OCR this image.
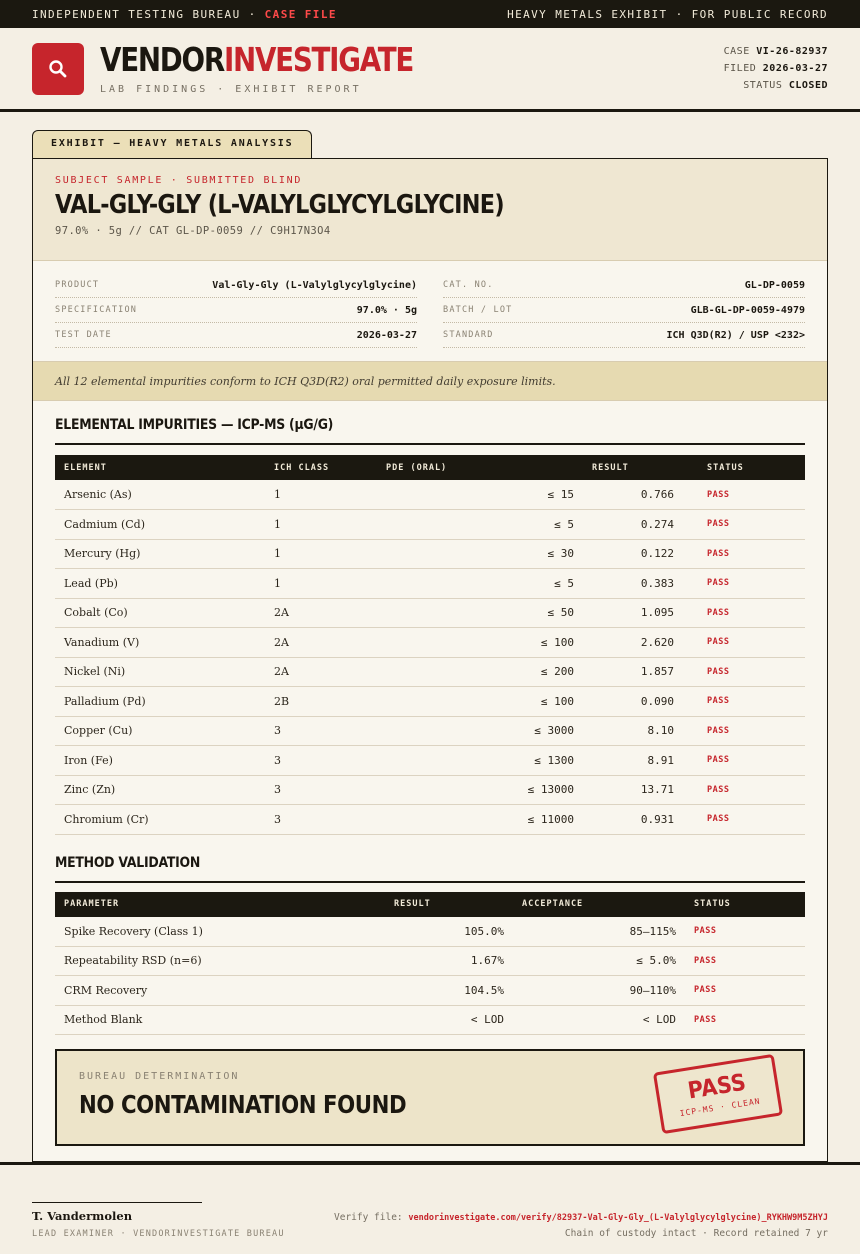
INDEPENDENT TESTING BUREAU · CASE FILE	HEAVY METALS EXHIBIT · FOR PUBLIC RECORD
VENDORINVESTIGATE
LAB FINDINGS · EXHIBIT REPORT
CASE VI-26-82937
FILED 2026-03-27
STATUS CLOSED
EXHIBIT — HEAVY METALS ANALYSIS
SUBJECT SAMPLE · SUBMITTED BLIND
VAL-GLY-GLY (L-VALYLGLYCYLGLYCINE)
97.0% · 5g // CAT GL-DP-0059 // C9H17N3O4
PRODUCT	Val-Gly-Gly (L-Valylglycylglycine)
SPECIFICATION	97.0% · 5g
TEST DATE	2026-03-27
CAT. NO.	GL-DP-0059
BATCH / LOT	GLB-GL-DP-0059-4979
STANDARD	ICH Q3D(R2) / USP <232>
All 12 elemental impurities conform to ICH Q3D(R2) oral permitted daily exposure limits.
ELEMENTAL IMPURITIES — ICP-MS (μG/G)
ELEMENT	ICH CLASS	PDE (ORAL)	RESULT	STATUS
Arsenic (As)	1	≤ 15	0.766	PASS
Cadmium (Cd)	1	≤ 5	0.274	PASS
Mercury (Hg)	1	≤ 30	0.122	PASS
Lead (Pb)	1	≤ 5	0.383	PASS
Cobalt (Co)	2A	≤ 50	1.095	PASS
Vanadium (V)	2A	≤ 100	2.620	PASS
Nickel (Ni)	2A	≤ 200	1.857	PASS
Palladium (Pd)	2B	≤ 100	0.090	PASS
Copper (Cu)	3	≤ 3000	8.10	PASS
Iron (Fe)	3	≤ 1300	8.91	PASS
Zinc (Zn)	3	≤ 13000	13.71	PASS
Chromium (Cr)	3	≤ 11000	0.931	PASS
METHOD VALIDATION
PARAMETER	RESULT	ACCEPTANCE	STATUS
Spike Recovery (Class 1)	105.0%	85–115%	PASS
Repeatability RSD (n=6)	1.67%	≤ 5.0%	PASS
CRM Recovery	104.5%	90–110%	PASS
Method Blank	< LOD	< LOD	PASS
BUREAU DETERMINATION
NO CONTAMINATION FOUND
PASS
ICP-MS · CLEAN
T. Vandermolen
LEAD EXAMINER · VENDORINVESTIGATE BUREAU
Verify file: vendorinvestigate.com/verify/82937-Val-Gly-Gly_(L-Valylglycylglycine)_RYKHW9M5ZHYJ
Chain of custody intact · Record retained 7 yr
